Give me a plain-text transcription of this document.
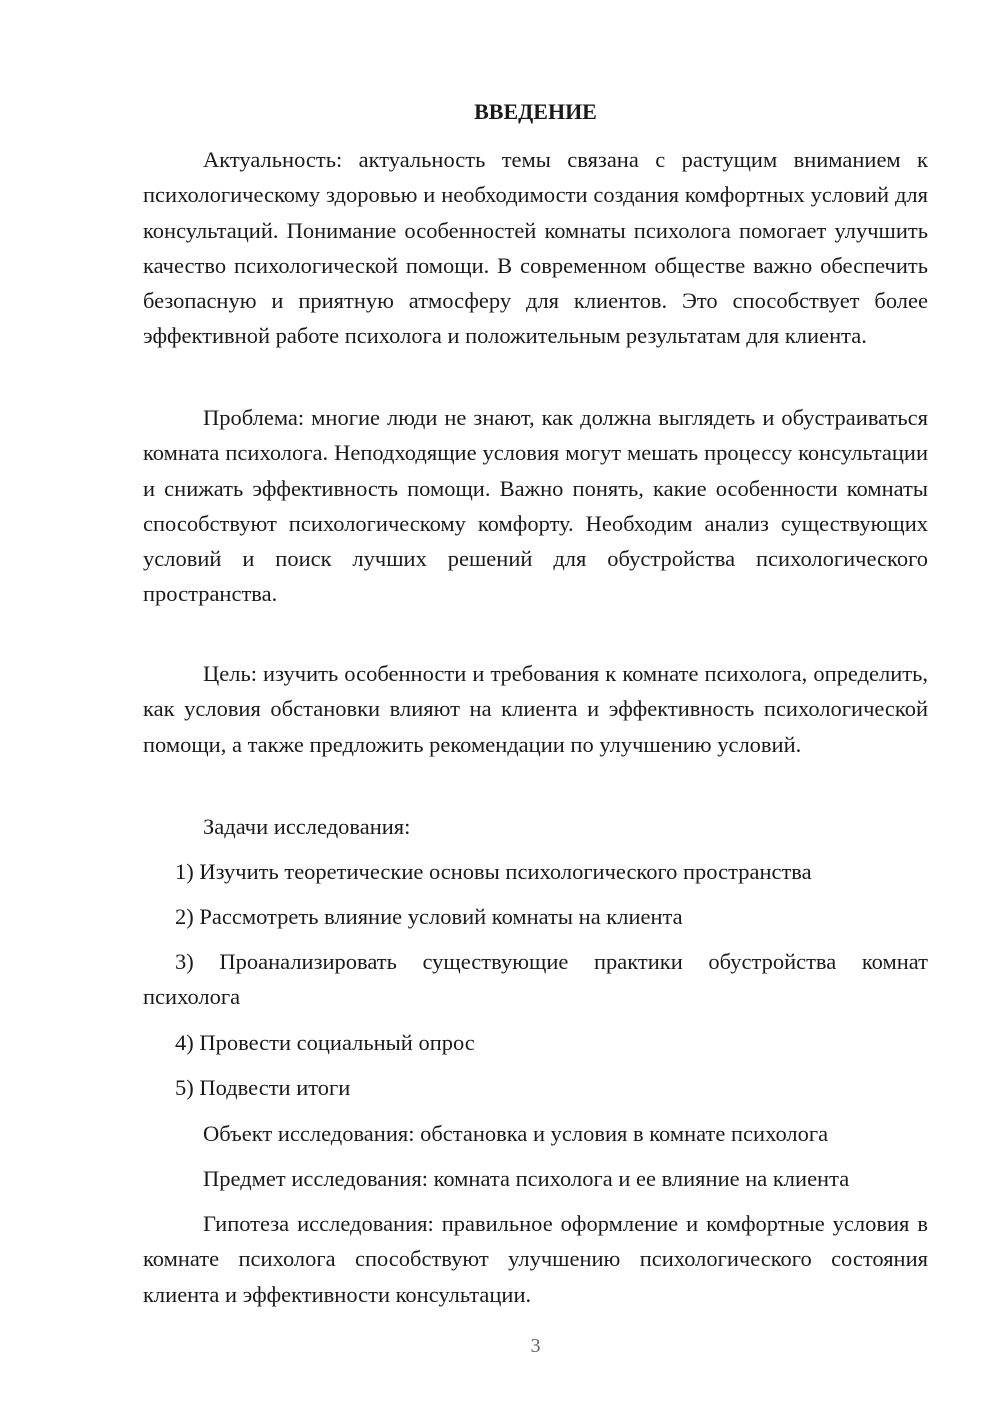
ВВЕДЕНИЕ

Актуальность: актуальность темы связана с растущим вниманием к психологическому здоровью и необходимости создания комфортных условий для консультаций. Понимание особенностей комнаты психолога помогает улучшить качество психологической помощи. В современном обществе важно обеспечить безопасную и приятную атмосферу для клиентов. Это способствует более эффективной работе психолога и положительным результатам для клиента.

Проблема: многие люди не знают, как должна выглядеть и обустраиваться комната психолога. Неподходящие условия могут мешать процессу консультации и снижать эффективность помощи. Важно понять, какие особенности комнаты способствуют психологическому комфорту. Необходим анализ существующих условий и поиск лучших решений для обустройства психологического пространства.

Цель: изучить особенности и требования к комнате психолога, определить, как условия обстановки влияют на клиента и эффективность психологической помощи, а также предложить рекомендации по улучшению условий.

Задачи исследования:

1) Изучить теоретические основы психологического пространства

2) Рассмотреть влияние условий комнаты на клиента

3) Проанализировать существующие практики обустройства комнат психолога

4) Провести социальный опрос

5) Подвести итоги

Объект исследования: обстановка и условия в комнате психолога

Предмет исследования: комната психолога и ее влияние на клиента

Гипотеза исследования: правильное оформление и комфортные условия в комнате психолога способствуют улучшению психологического состояния клиента и эффективности консультации.

3
